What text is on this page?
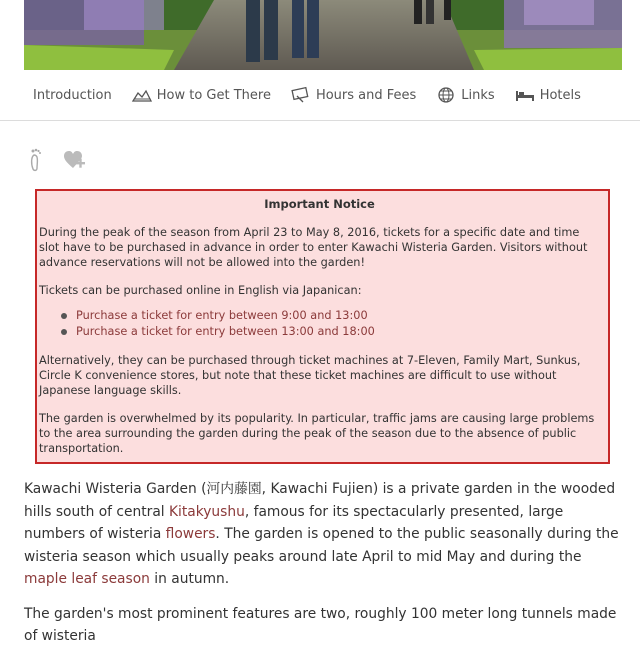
Introduction	How to Get There	Hours and Fees	Links	Hotels
Important Notice

During the peak of the season from April 23 to May 8, 2016, tickets for a specific date and time slot have to be purchased in advance in order to enter Kawachi Wisteria Garden. Visitors without advance reservations will not be allowed into the garden!

Tickets can be purchased online in English via Japanican:

Purchase a ticket for entry between 9:00 and 13:00
Purchase a ticket for entry between 13:00 and 18:00

Alternatively, they can be purchased through ticket machines at 7-Eleven, Family Mart, Sunkus, Circle K convenience stores, but note that these ticket machines are difficult to use without Japanese language skills.

The garden is overwhelmed by its popularity. In particular, traffic jams are causing large problems to the area surrounding the garden during the peak of the season due to the absence of public transportation.

Kawachi Wisteria Garden (河内藤園, Kawachi Fujien) is a private garden in the wooded hills south of central Kitakyushu, famous for its spectacularly presented, large numbers of wisteria flowers. The garden is opened to the public seasonally during the wisteria season which usually peaks around late April to mid May and during the maple leaf season in autumn.

The garden's most prominent features are two, roughly 100 meter long tunnels made of wisteria
